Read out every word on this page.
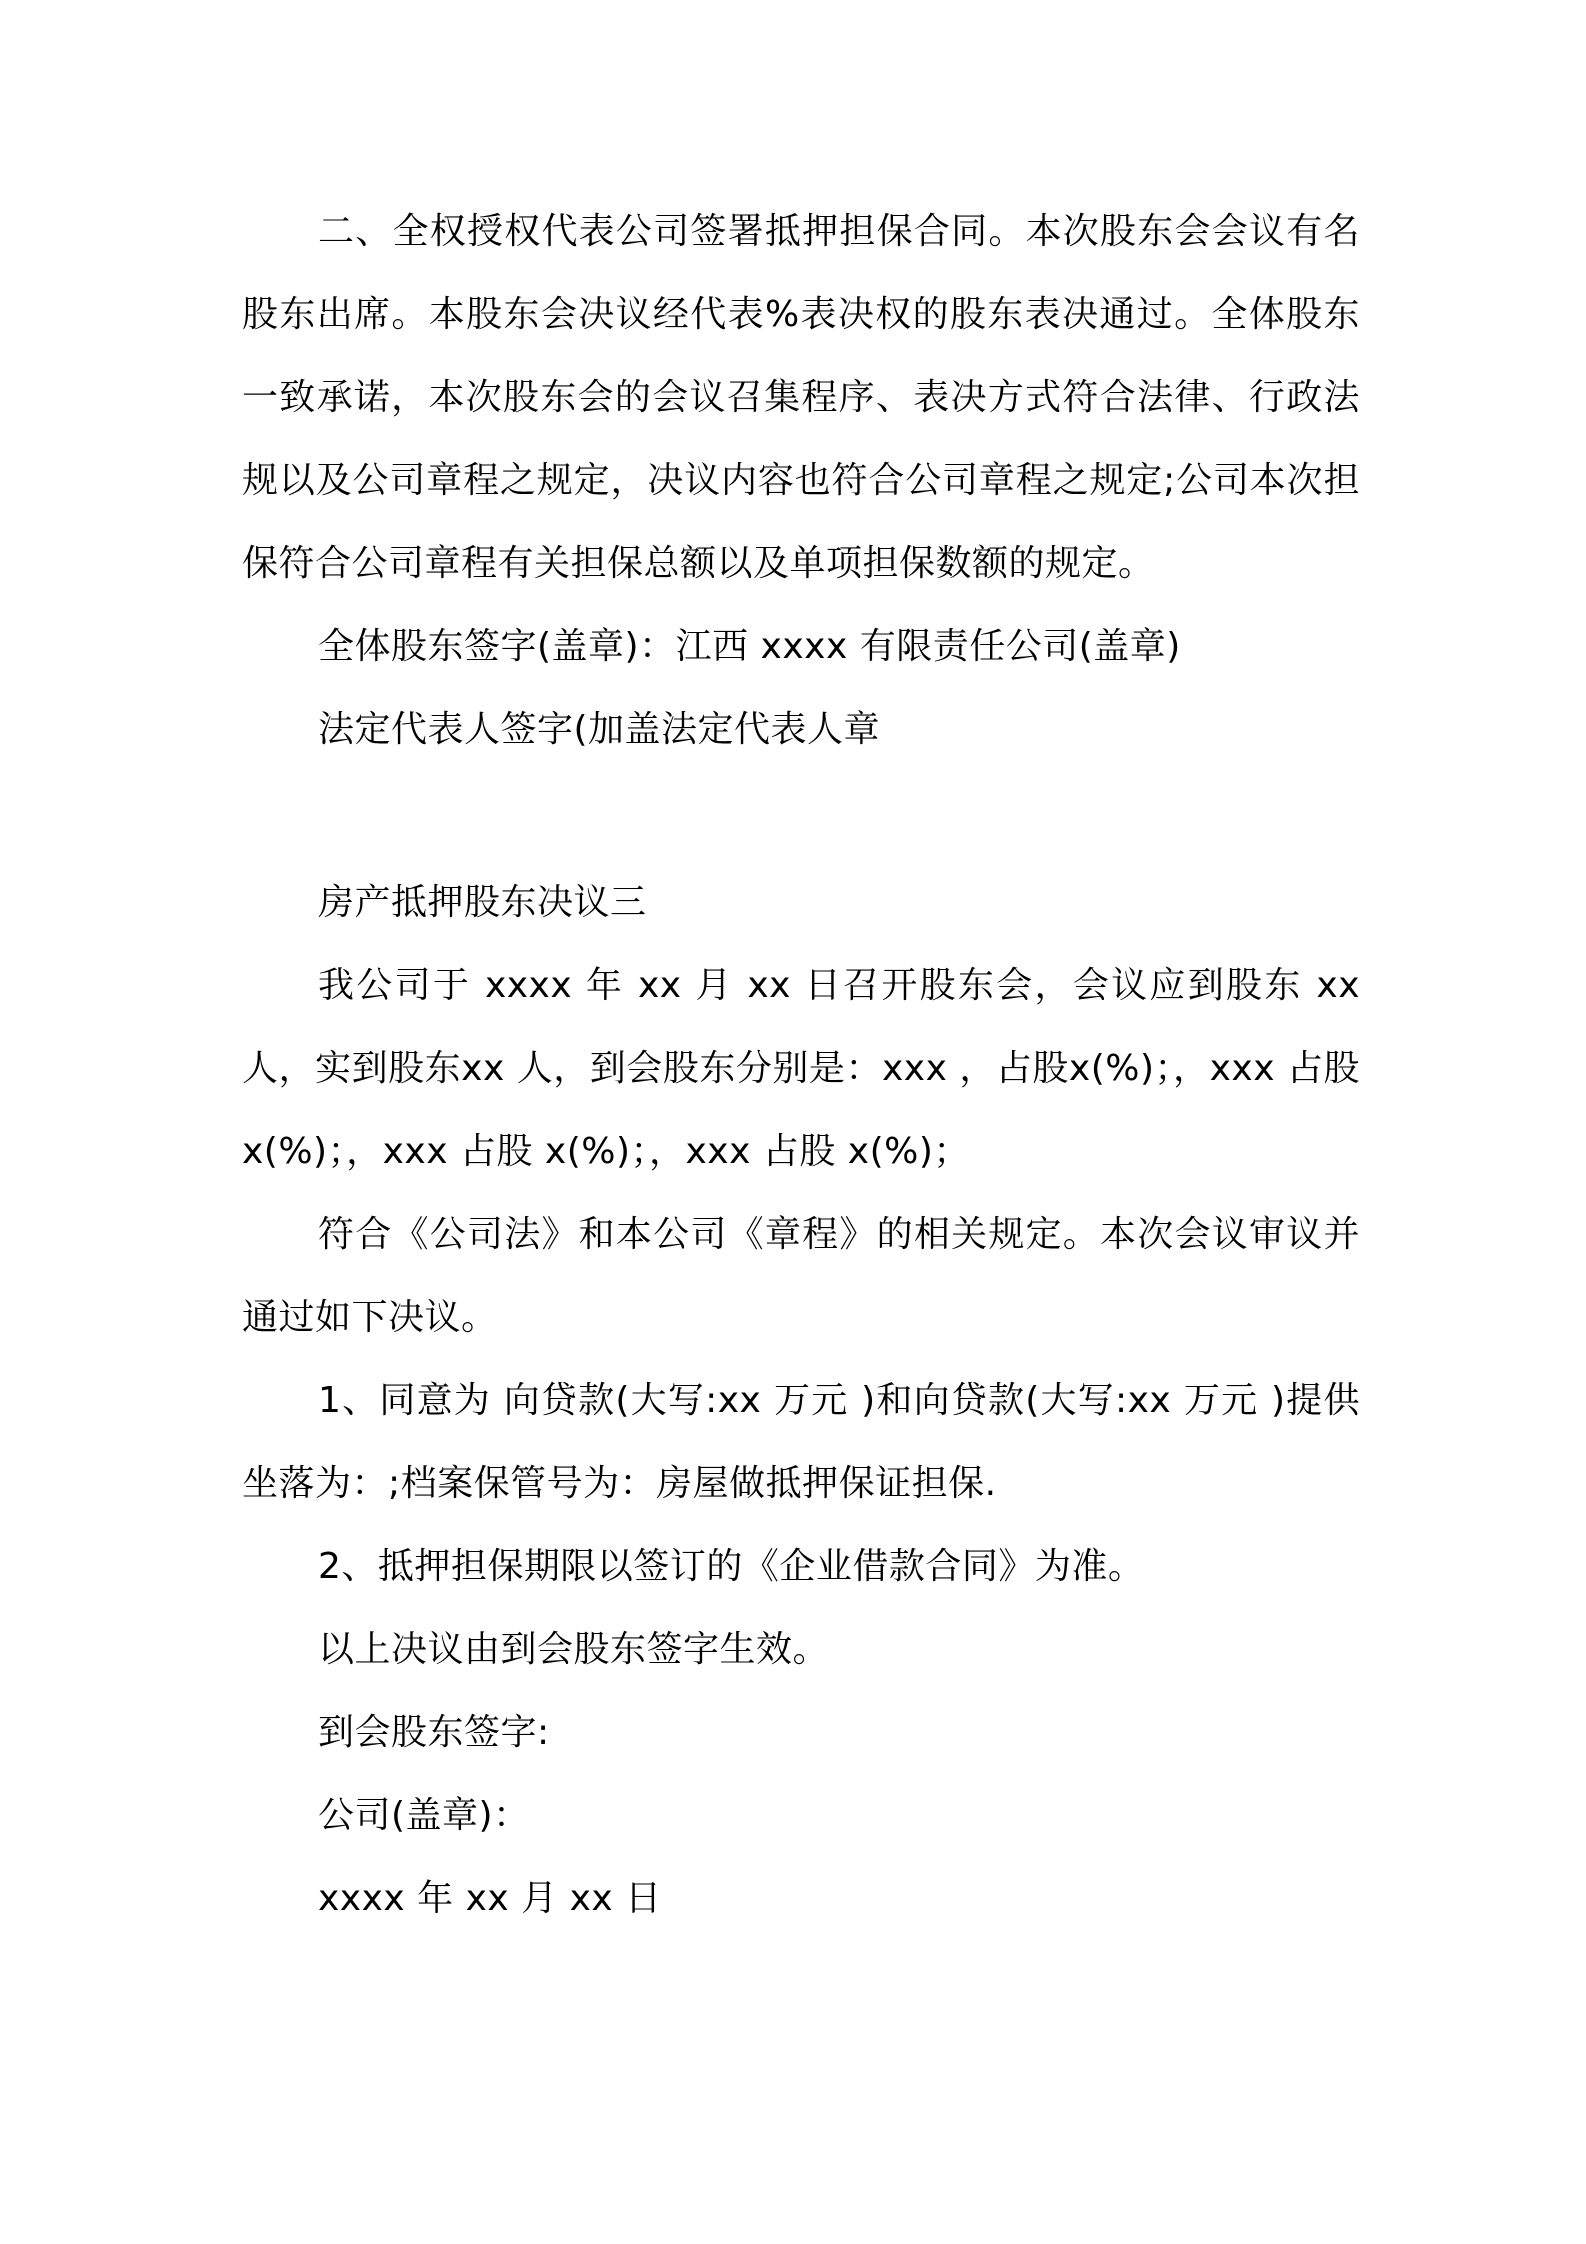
二、全权授权代表公司签署抵押担保合同。本次股东会会议有名股东出席。本股东会决议经代表%表决权的股东表决通过。全体股东一致承诺，本次股东会的会议召集程序、表决方式符合法律、行政法规以及公司章程之规定，决议内容也符合公司章程之规定;公司本次担保符合公司章程有关担保总额以及单项担保数额的规定。

全体股东签字(盖章)：江西 xxxx 有限责任公司(盖章)

法定代表人签字(加盖法定代表人章

房产抵押股东决议三

我公司于 xxxx 年 xx 月 xx 日召开股东会，会议应到股东 xx 人，实到股东xx 人，到会股东分别是：xxx ，占股x(%)；，xxx 占股x(%)；，xxx 占股 x(%)；，xxx 占股 x(%)；

符合《公司法》和本公司《章程》的相关规定。本次会议审议并通过如下决议。

1、同意为 向贷款(大写:xx 万元 )和向贷款(大写:xx 万元 )提供坐落为：;档案保管号为：房屋做抵押保证担保.

2、抵押担保期限以签订的《企业借款合同》为准。

以上决议由到会股东签字生效。

到会股东签字:

公司(盖章)：

xxxx 年 xx 月 xx 日
